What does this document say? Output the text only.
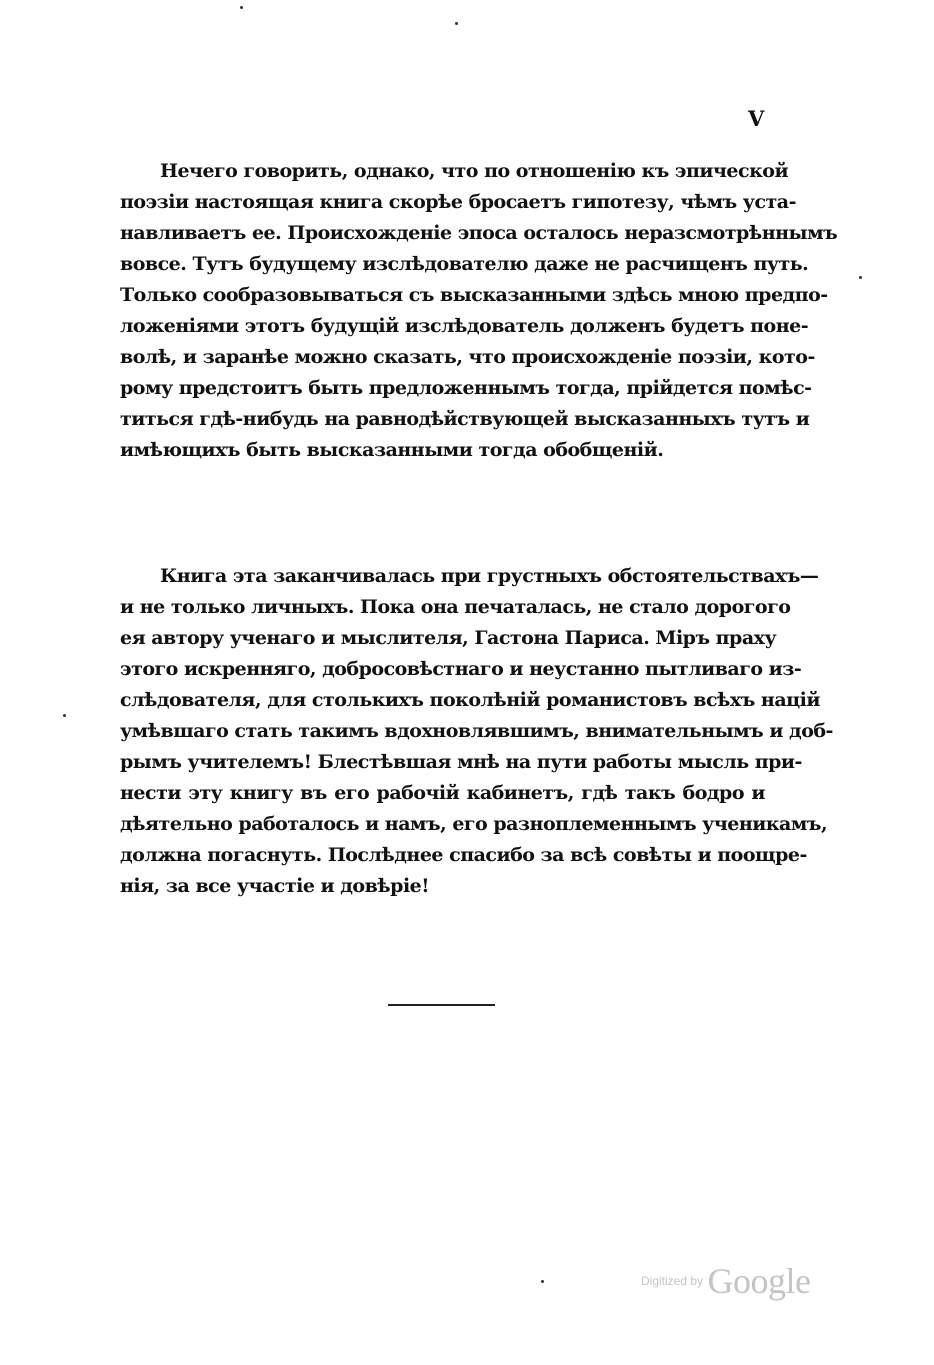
V
Нечего говорить, однако, что по отношенію къ эпической
поэзіи настоящая книга скорѣе бросаетъ гипотезу, чѣмъ уста-
навливаетъ ее. Происхожденіе эпоса осталось неразсмотрѣннымъ
вовсе. Тутъ будущему изслѣдователю даже не расчищенъ путь.
Только сообразовываться съ высказанными здѣсь мною предпо-
ложеніями этотъ будущій изслѣдователь долженъ будетъ поне-
волѣ, и заранѣе можно сказать, что происхожденіе поэзіи, кото-
рому предстоитъ быть предложеннымъ тогда, прійдется помѣс-
титься гдѣ-нибудь на равнодѣйствующей высказанныхъ тутъ и
имѣющихъ быть высказанными тогда обобщеній.
Книга эта заканчивалась при грустныхъ обстоятельствахъ—
и не только личныхъ. Пока она печаталась, не стало дорогого
ея автору ученаго и мыслителя, Гастона Париса. Міръ праху
этого искренняго, добросовѣстнаго и неустанно пытливаго из-
слѣдователя, для столькихъ поколѣній романистовъ всѣхъ націй
умѣвшаго стать такимъ вдохновлявшимъ, внимательнымъ и доб-
рымъ учителемъ! Блестѣвшая мнѣ на пути работы мысль при-
нести эту книгу въ его рабочій кабинетъ, гдѣ такъ бодро и
дѣятельно работалось и намъ, его разноплеменнымъ ученикамъ,
должна погаснуть. Послѣднее спасибо за всѣ совѣты и поощре-
нія, за все участіе и довѣріе!
Digitized by Google
